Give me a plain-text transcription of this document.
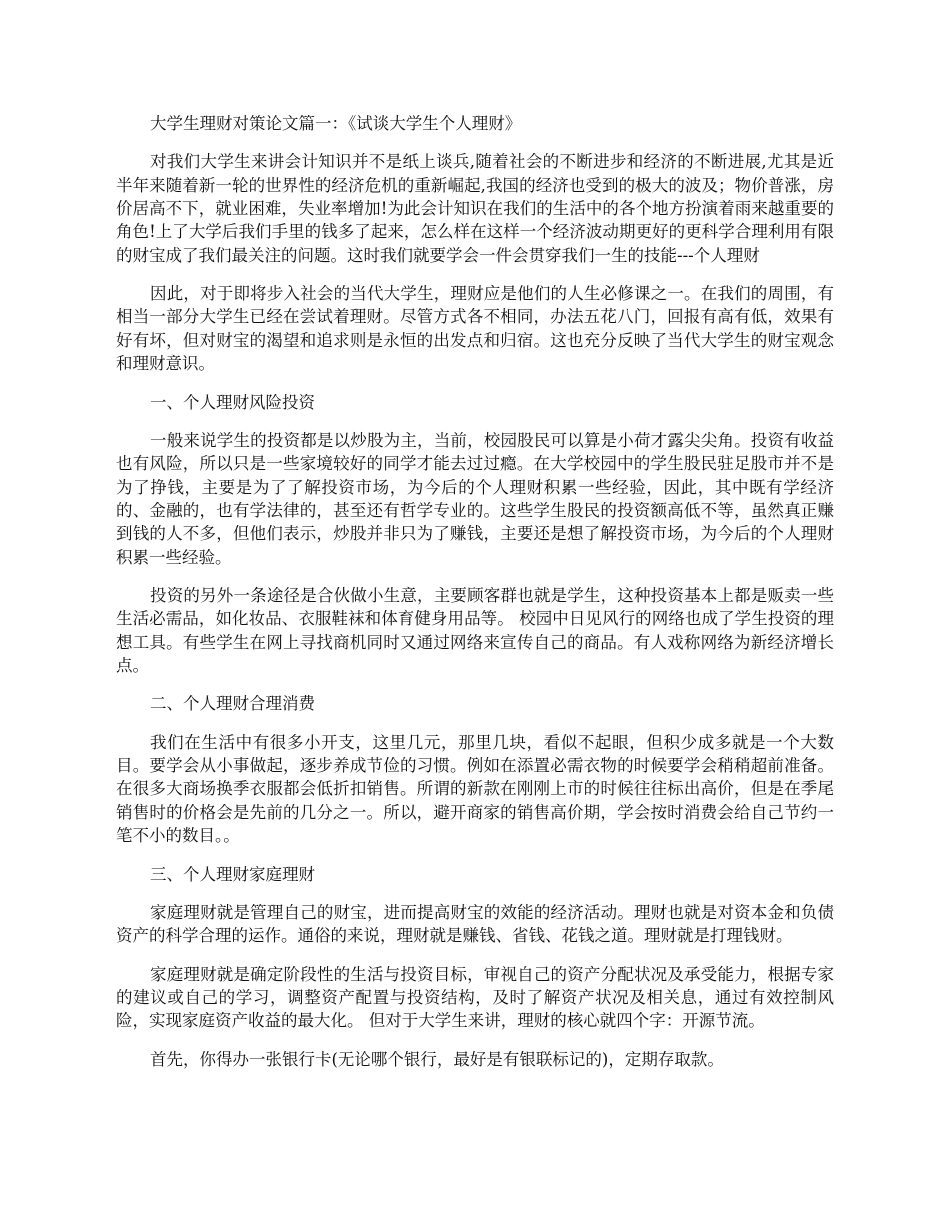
大学生理财对策论文篇一：《试谈大学生个人理财》

对我们大学生来讲会计知识并不是纸上谈兵,随着社会的不断进步和经济的不断进展,尤其是近半年来随着新一轮的世界性的经济危机的重新崛起,我国的经济也受到的极大的波及；物价普涨，房价居高不下，就业困难，失业率增加!为此会计知识在我们的生活中的各个地方扮演着雨来越重要的角色!上了大学后我们手里的钱多了起来，怎么样在这样一个经济波动期更好的更科学合理利用有限的财宝成了我们最关注的问题。这时我们就要学会一件会贯穿我们一生的技能---个人理财

因此，对于即将步入社会的当代大学生，理财应是他们的人生必修课之一。在我们的周围，有相当一部分大学生已经在尝试着理财。尽管方式各不相同，办法五花八门，回报有高有低，效果有好有坏，但对财宝的渴望和追求则是永恒的出发点和归宿。这也充分反映了当代大学生的财宝观念和理财意识。

一、个人理财风险投资

一般来说学生的投资都是以炒股为主，当前，校园股民可以算是小荷才露尖尖角。投资有收益也有风险，所以只是一些家境较好的同学才能去过过瘾。在大学校园中的学生股民驻足股市并不是为了挣钱，主要是为了了解投资市场，为今后的个人理财积累一些经验，因此，其中既有学经济的、金融的，也有学法律的，甚至还有哲学专业的。这些学生股民的投资额高低不等，虽然真正赚到钱的人不多，但他们表示，炒股并非只为了赚钱，主要还是想了解投资市场，为今后的个人理财积累一些经验。

投资的另外一条途径是合伙做小生意，主要顾客群也就是学生，这种投资基本上都是贩卖一些生活必需品，如化妆品、衣服鞋袜和体育健身用品等。 校园中日见风行的网络也成了学生投资的理想工具。有些学生在网上寻找商机同时又通过网络来宣传自己的商品。有人戏称网络为新经济增长点。

二、个人理财合理消费

我们在生活中有很多小开支，这里几元，那里几块，看似不起眼，但积少成多就是一个大数目。要学会从小事做起，逐步养成节俭的习惯。例如在添置必需衣物的时候要学会稍稍超前准备。在很多大商场换季衣服都会低折扣销售。所谓的新款在刚刚上市的时候往往标出高价，但是在季尾销售时的价格会是先前的几分之一。所以，避开商家的销售高价期，学会按时消费会给自己节约一笔不小的数目。。

三、个人理财家庭理财

家庭理财就是管理自己的财宝，进而提高财宝的效能的经济活动。理财也就是对资本金和负债资产的科学合理的运作。通俗的来说，理财就是赚钱、省钱、花钱之道。理财就是打理钱财。

家庭理财就是确定阶段性的生活与投资目标，审视自己的资产分配状况及承受能力，根据专家的建议或自己的学习，调整资产配置与投资结构，及时了解资产状况及相关息，通过有效控制风险，实现家庭资产收益的最大化。 但对于大学生来讲，理财的核心就四个字：开源节流。

首先，你得办一张银行卡(无论哪个银行，最好是有银联标记的)，定期存取款。
